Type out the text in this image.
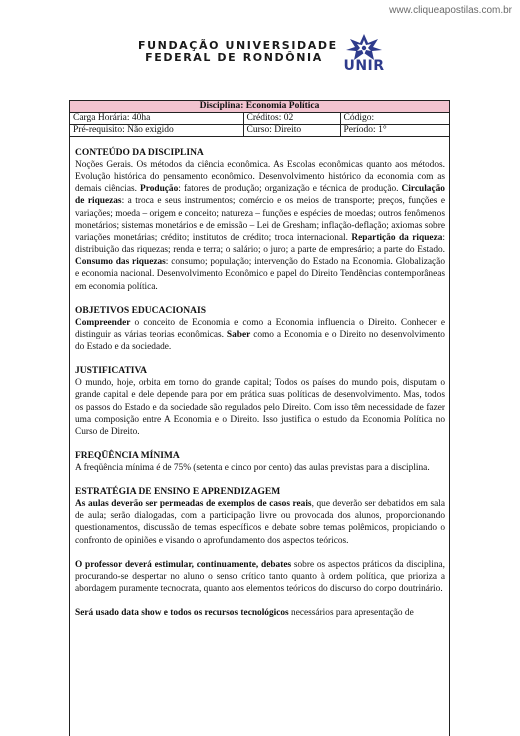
www.cliqueapostilas.com.br
FUNDAÇÃO UNIVERSIDADE
FEDERAL DE RONDÔNIA
UNIR
Disciplina: Economia Política		
Carga Horária: 40ha	Créditos: 02	Código:
Pré-requisito: Não exigido	Curso: Direito	Período: 1°
CONTEÚDO DA DISCIPLINA

Noções Gerais. Os métodos da ciência econômica. As Escolas econômicas quanto aos métodos. Evolução histórica do pensamento econômico. Desenvolvimento histórico da economia com as demais ciências. Produção: fatores de produção; organização e técnica de produção. Circulação de riquezas: a troca e seus instrumentos; comércio e os meios de transporte; preços, funções e variações; moeda – origem e conceito; natureza – funções e espécies de moedas; outros fenômenos monetários; sistemas monetários e de emissão – Lei de Gresham; inflação-deflação; axiomas sobre variações monetárias; crédito; institutos de crédito; troca internacional. Repartição da riqueza: distribuição das riquezas; renda e terra; o salário; o juro; a parte de empresário; a parte do Estado. Consumo das riquezas: consumo; população; intervenção do Estado na Economia. Globalização e economia nacional. Desenvolvimento Econômico e papel do Direito Tendências contemporâneas em economia política.

OBJETIVOS EDUCACIONAIS

Compreender o conceito de Economia e como a Economia influencia o Direito. Conhecer e distinguir as várias teorias econômicas. Saber como a Economia e o Direito no desenvolvimento do Estado e da sociedade.

JUSTIFICATIVA

O mundo, hoje, orbita em torno do grande capital; Todos os países do mundo pois, disputam o grande capital e dele depende para por em prática suas políticas de desenvolvimento. Mas, todos os passos do Estado e da sociedade são regulados pelo Direito. Com isso têm necessidade de fazer uma composição entre A Economia e o Direito. Isso justifica o estudo da Economia Política no Curso de Direito.

FREQÜÊNCIA MÍNIMA

A freqüência mínima é de 75% (setenta e cinco por cento) das aulas previstas para a disciplina.

ESTRATÉGIA DE ENSINO E APRENDIZAGEM

As aulas deverão ser permeadas de exemplos de casos reais, que deverão ser debatidos em sala de aula; serão dialogadas, com a participação livre ou provocada dos alunos, proporcionando questionamentos, discussão de temas específicos e debate sobre temas polêmicos, propiciando o confronto de opiniões e visando o aprofundamento dos aspectos teóricos.

O professor deverá estimular, continuamente, debates sobre os aspectos práticos da disciplina, procurando-se despertar no aluno o senso crítico tanto quanto à ordem política, que prioriza a abordagem puramente tecnocrata, quanto aos elementos teóricos do discurso do corpo doutrinário.

Será usado data show e todos os recursos tecnológicos necessários para apresentação de
